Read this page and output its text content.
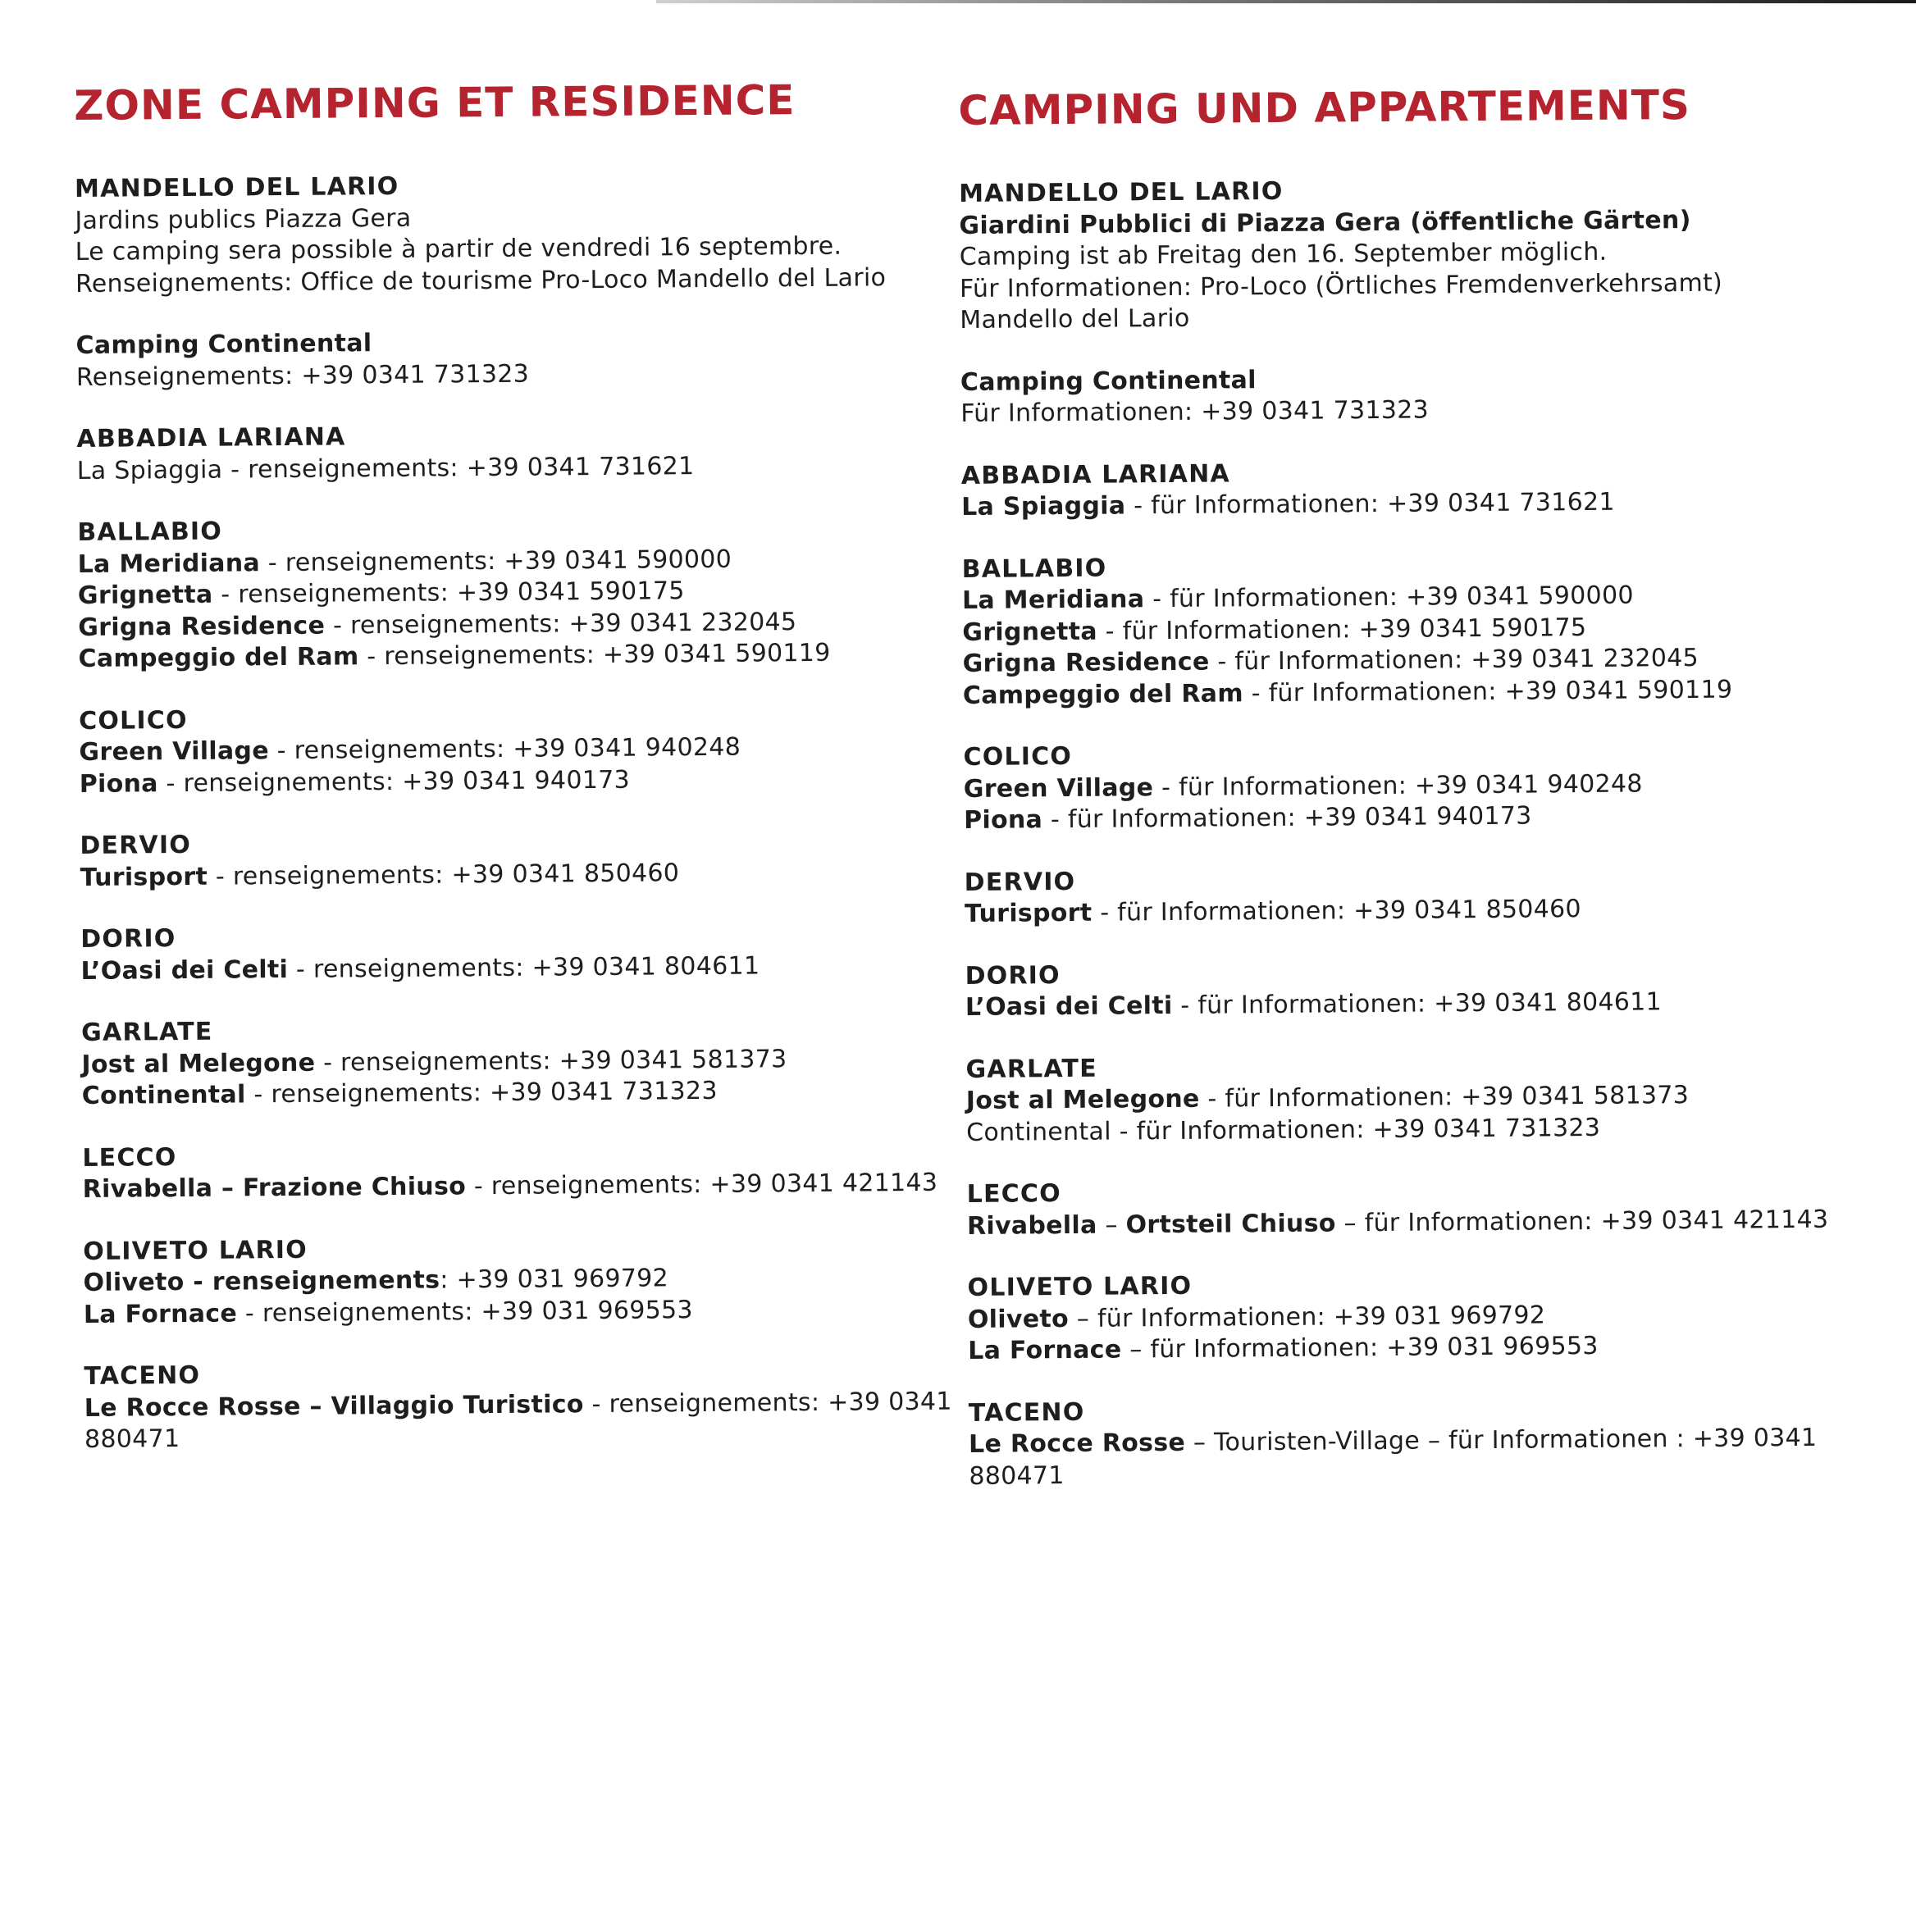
ZONE CAMPING ET RESIDENCE
MANDELLO DEL LARIO
Jardins publics Piazza Gera
Le camping sera possible à partir de vendredi 16 septembre.
Renseignements: Office de tourisme Pro-Loco Mandello del Lario
Camping Continental
Renseignements: +39 0341 731323
ABBADIA LARIANA
La Spiaggia - renseignements: +39 0341 731621
BALLABIO
La Meridiana - renseignements: +39 0341 590000
Grignetta - renseignements: +39 0341 590175
Grigna Residence - renseignements: +39 0341 232045
Campeggio del Ram - renseignements: +39 0341 590119
COLICO
Green Village - renseignements: +39 0341 940248
Piona - renseignements: +39 0341 940173
DERVIO
Turisport - renseignements: +39 0341 850460
DORIO
L’Oasi dei Celti - renseignements: +39 0341 804611
GARLATE
Jost al Melegone - renseignements: +39 0341 581373
Continental - renseignements: +39 0341 731323
LECCO
Rivabella – Frazione Chiuso - renseignements: +39 0341 421143
OLIVETO LARIO
Oliveto - renseignements: +39 031 969792
La Fornace - renseignements: +39 031 969553
TACENO
Le Rocce Rosse – Villaggio Turistico - renseignements: +39 0341 880471
CAMPING UND APPARTEMENTS
MANDELLO DEL LARIO
Giardini Pubblici di Piazza Gera (öffentliche Gärten)
Camping ist ab Freitag den 16. September möglich.
Für Informationen: Pro-Loco (Örtliches Fremdenverkehrsamt)
Mandello del Lario
Camping Continental
Für Informationen: +39 0341 731323
ABBADIA LARIANA
La Spiaggia - für Informationen: +39 0341 731621
BALLABIO
La Meridiana - für Informationen: +39 0341 590000
Grignetta - für Informationen: +39 0341 590175
Grigna Residence - für Informationen: +39 0341 232045
Campeggio del Ram - für Informationen: +39 0341 590119
COLICO
Green Village - für Informationen: +39 0341 940248
Piona - für Informationen: +39 0341 940173
DERVIO
Turisport - für Informationen: +39 0341 850460
DORIO
L’Oasi dei Celti - für Informationen: +39 0341 804611
GARLATE
Jost al Melegone - für Informationen: +39 0341 581373
Continental - für Informationen: +39 0341 731323
LECCO
Rivabella – Ortsteil Chiuso – für Informationen: +39 0341 421143
OLIVETO LARIO
Oliveto – für Informationen: +39 031 969792
La Fornace – für Informationen: +39 031 969553
TACENO
Le Rocce Rosse – Touristen-Village – für Informationen : +39 0341 880471
